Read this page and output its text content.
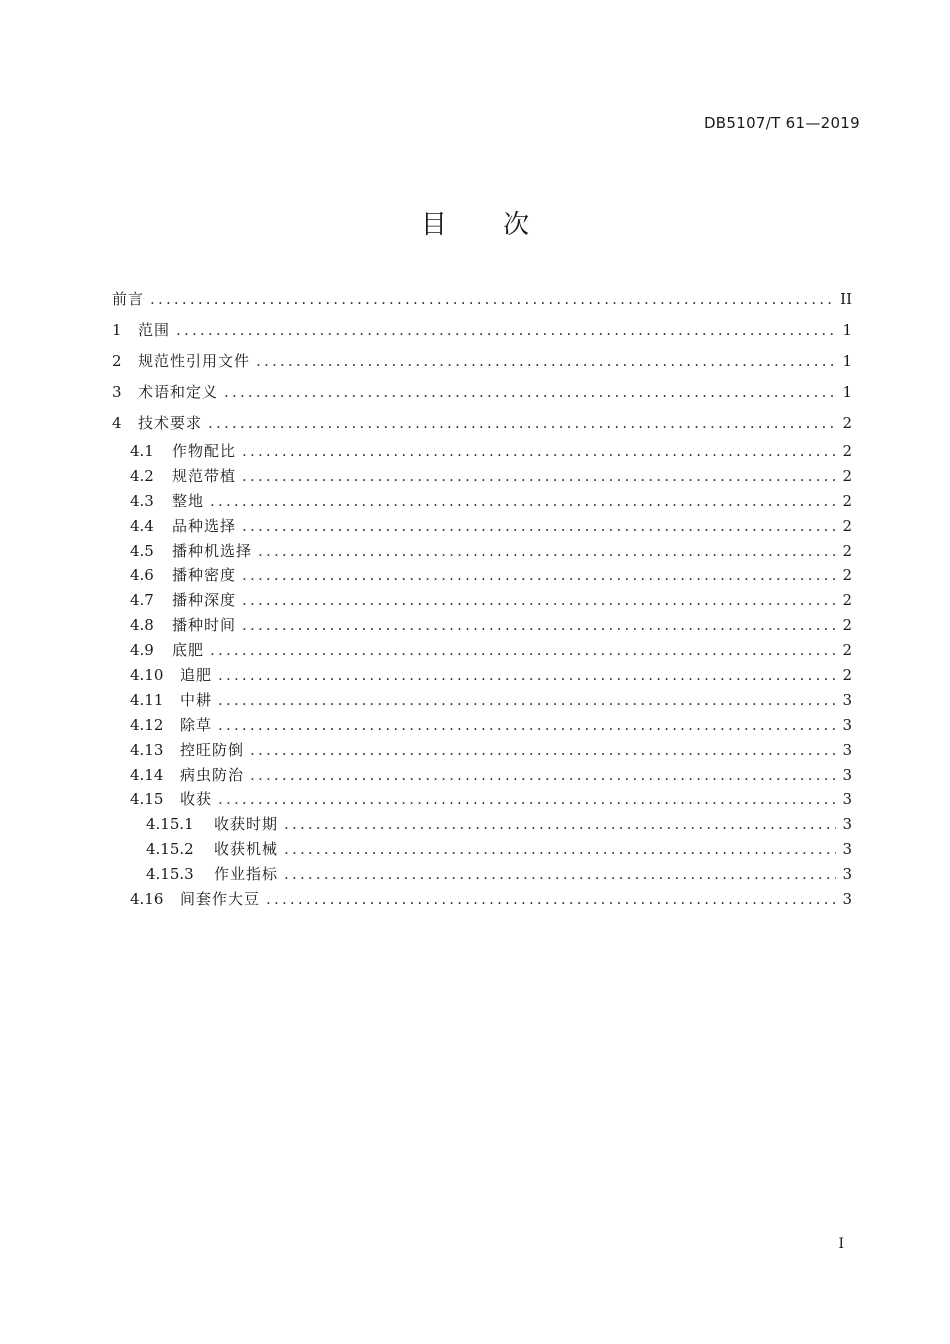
DB5107/T 61—2019
目 次
前言 .....	II
1	范围 .....	1
2	规范性引用文件 .....	1
3	术语和定义 .....	1
4	技术要求 .....	2
4.1	作物配比 .....	2
4.2	规范带植 .....	2
4.3	整地 .....	2
4.4	品种选择 .....	2
4.5	播种机选择 .....	2
4.6	播种密度 .....	2
4.7	播种深度 .....	2
4.8	播种时间 .....	2
4.9	底肥 .....	2
4.10	追肥 .....	2
4.11	中耕 .....	3
4.12	除草 .....	3
4.13	控旺防倒 .....	3
4.14	病虫防治 .....	3
4.15	收获 .....	3
4.15.1	收获时期 .....	3
4.15.2	收获机械 .....	3
4.15.3	作业指标 .....	3
4.16	间套作大豆 .....	3
I
